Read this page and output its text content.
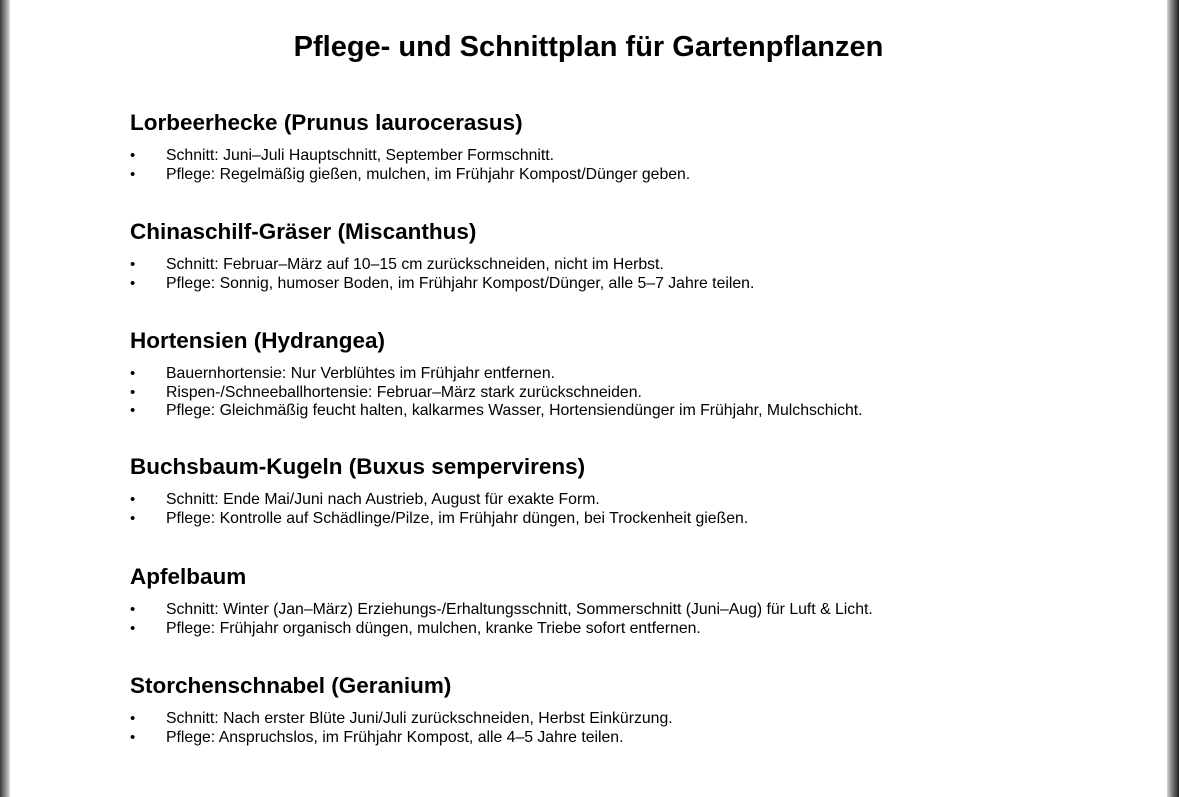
Pflege- und Schnittplan für Gartenpflanzen
Lorbeerhecke (Prunus laurocerasus)
• Schnitt: Juni–Juli Hauptschnitt, September Formschnitt.
• Pflege: Regelmäßig gießen, mulchen, im Frühjahr Kompost/Dünger geben.
Chinaschilf-Gräser (Miscanthus)
• Schnitt: Februar–März auf 10–15 cm zurückschneiden, nicht im Herbst.
• Pflege: Sonnig, humoser Boden, im Frühjahr Kompost/Dünger, alle 5–7 Jahre teilen.
Hortensien (Hydrangea)
• Bauernhortensie: Nur Verblühtes im Frühjahr entfernen.
• Rispen-/Schneeballhortensie: Februar–März stark zurückschneiden.
• Pflege: Gleichmäßig feucht halten, kalkarmes Wasser, Hortensiendünger im Frühjahr, Mulchschicht.
Buchsbaum-Kugeln (Buxus sempervirens)
• Schnitt: Ende Mai/Juni nach Austrieb, August für exakte Form.
• Pflege: Kontrolle auf Schädlinge/Pilze, im Frühjahr düngen, bei Trockenheit gießen.
Apfelbaum
• Schnitt: Winter (Jan–März) Erziehungs-/Erhaltungsschnitt, Sommerschnitt (Juni–Aug) für Luft & Licht.
• Pflege: Frühjahr organisch düngen, mulchen, kranke Triebe sofort entfernen.
Storchenschnabel (Geranium)
• Schnitt: Nach erster Blüte Juni/Juli zurückschneiden, Herbst Einkürzung.
• Pflege: Anspruchslos, im Frühjahr Kompost, alle 4–5 Jahre teilen.
